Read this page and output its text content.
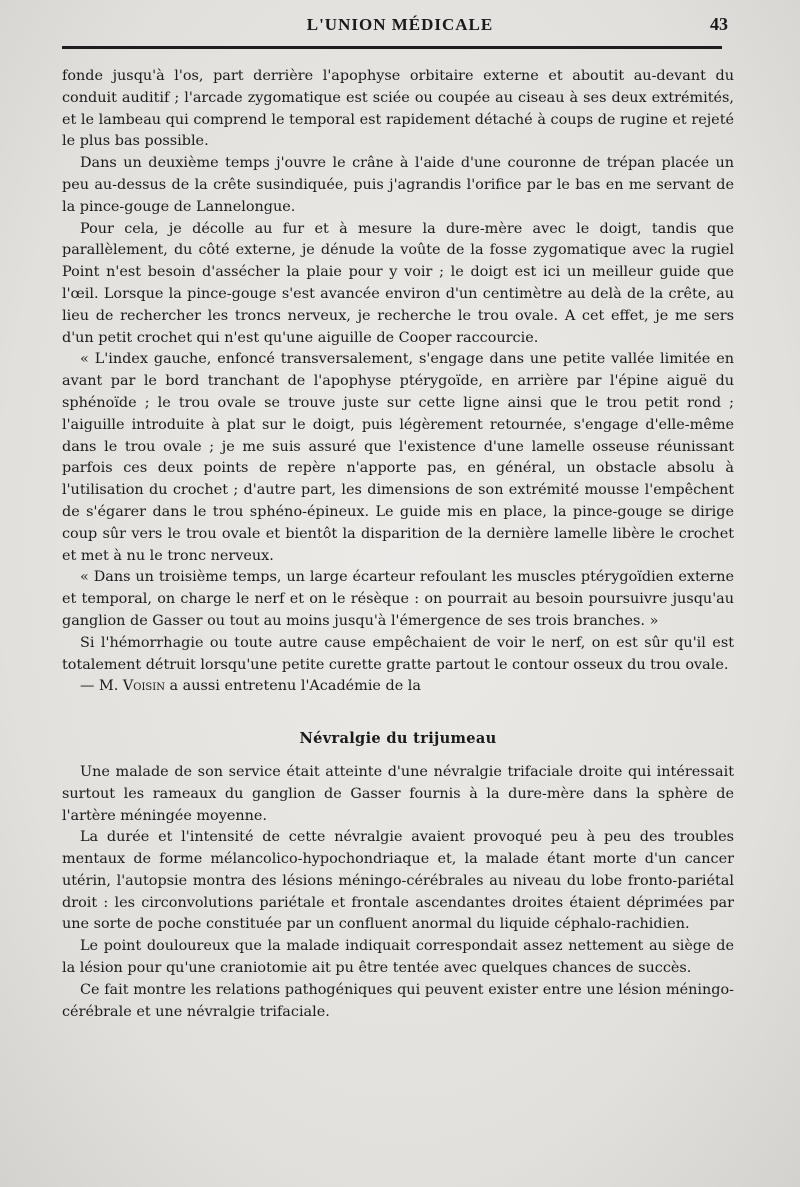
L'UNION MÉDICALE	43

fonde jusqu'à l'os, part derrière l'apophyse orbitaire externe et aboutit au-devant du conduit auditif ; l'arcade zygomatique est sciée ou coupée au ciseau à ses deux extrémités, et le lambeau qui comprend le temporal est rapidement détaché à coups de rugine et rejeté le plus bas possible.

Dans un deuxième temps j'ouvre le crâne à l'aide d'une couronne de trépan placée un peu au-dessus de la crête susindiquée, puis j'agrandis l'orifice par le bas en me servant de la pince-gouge de Lannelongue.

Pour cela, je décolle au fur et à mesure la dure-mère avec le doigt, tandis que parallèlement, du côté externe, je dénude la voûte de la fosse zygomatique avec la rugiel Point n'est besoin d'assécher la plaie pour y voir ; le doigt est ici un meilleur guide que l'œil. Lorsque la pince-gouge s'est avancée environ d'un centimètre au delà de la crête, au lieu de rechercher les troncs nerveux, je recherche le trou ovale. A cet effet, je me sers d'un petit crochet qui n'est qu'une aiguille de Cooper raccourcie.

« L'index gauche, enfoncé transversalement, s'engage dans une petite vallée limitée en avant par le bord tranchant de l'apophyse ptérygoïde, en arrière par l'épine aiguë du sphénoïde ; le trou ovale se trouve juste sur cette ligne ainsi que le trou petit rond ; l'aiguille introduite à plat sur le doigt, puis légèrement retournée, s'engage d'elle-même dans le trou ovale ; je me suis assuré que l'existence d'une lamelle osseuse réunissant parfois ces deux points de repère n'apporte pas, en général, un obstacle absolu à l'utilisation du crochet ; d'autre part, les dimensions de son extrémité mousse l'empêchent de s'égarer dans le trou sphéno-épineux. Le guide mis en place, la pince-gouge se dirige coup sûr vers le trou ovale et bientôt la disparition de la dernière lamelle libère le crochet et met à nu le tronc nerveux.

« Dans un troisième temps, un large écarteur refoulant les muscles ptérygoïdien externe et temporal, on charge le nerf et on le résèque : on pourrait au besoin poursuivre jusqu'au ganglion de Gasser ou tout au moins jusqu'à l'émergence de ses trois branches. »

Si l'hémorrhagie ou toute autre cause empêchaient de voir le nerf, on est sûr qu'il est totalement détruit lorsqu'une petite curette gratte partout le contour osseux du trou ovale.

— M. Voisin a aussi entretenu l'Académie de la

Névralgie du trijumeau

Une malade de son service était atteinte d'une névralgie trifaciale droite qui intéressait surtout les rameaux du ganglion de Gasser fournis à la dure-mère dans la sphère de l'artère méningée moyenne.

La durée et l'intensité de cette névralgie avaient provoqué peu à peu des troubles mentaux de forme mélancolico-hypochondriaque et, la malade étant morte d'un cancer utérin, l'autopsie montra des lésions méningo-cérébrales au niveau du lobe fronto-pariétal droit : les circonvolutions pariétale et frontale ascendantes droites étaient déprimées par une sorte de poche constituée par un confluent anormal du liquide céphalo-rachidien.

Le point douloureux que la malade indiquait correspondait assez nettement au siège de la lésion pour qu'une craniotomie ait pu être tentée avec quelques chances de succès.

Ce fait montre les relations pathogéniques qui peuvent exister entre une lésion méningo-cérébrale et une névralgie trifaciale.
